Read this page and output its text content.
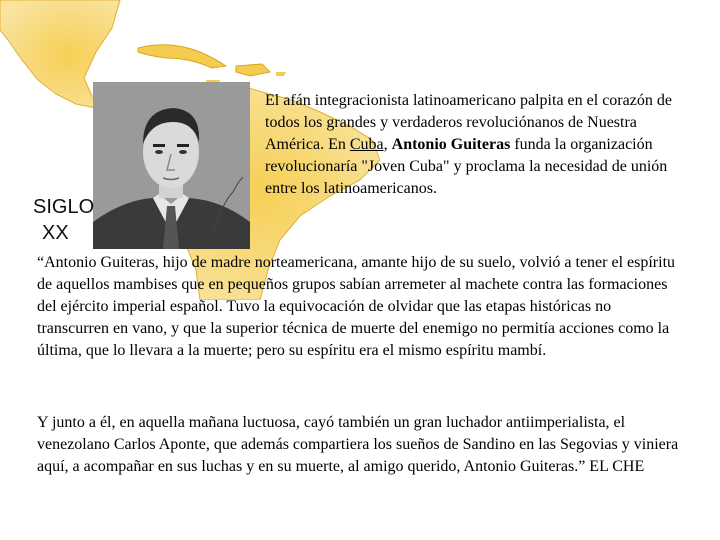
SIGLO
XX
El afán integracionista latinoamericano palpita en el corazón de todos los grandes y verdaderos revoluciónanos de Nuestra América. En Cuba, Antonio Guiteras funda la organización revolucionaría "Joven Cuba" y proclama la necesidad de unión entre los latinoamericanos.
“Antonio Guiteras, hijo de madre norteamericana, amante hijo de su suelo, volvió a tener el espíritu de aquellos mambises que en pequeños grupos sabían arremeter al machete contra las formaciones del ejército imperial español. Tuvo la equivocación de olvidar que las etapas históricas no transcurren en vano, y que la superior técnica de muerte del enemigo no permitía acciones como la última, que lo llevara a la muerte; pero su espíritu era el mismo espíritu mambí.
Y junto a él, en aquella mañana luctuosa, cayó también un gran luchador antiimperialista, el venezolano Carlos Aponte, que además compartiera los sueños de Sandino en las Segovias y viniera aquí, a acompañar en sus luchas y en su muerte, al amigo querido, Antonio Guiteras.” EL CHE
